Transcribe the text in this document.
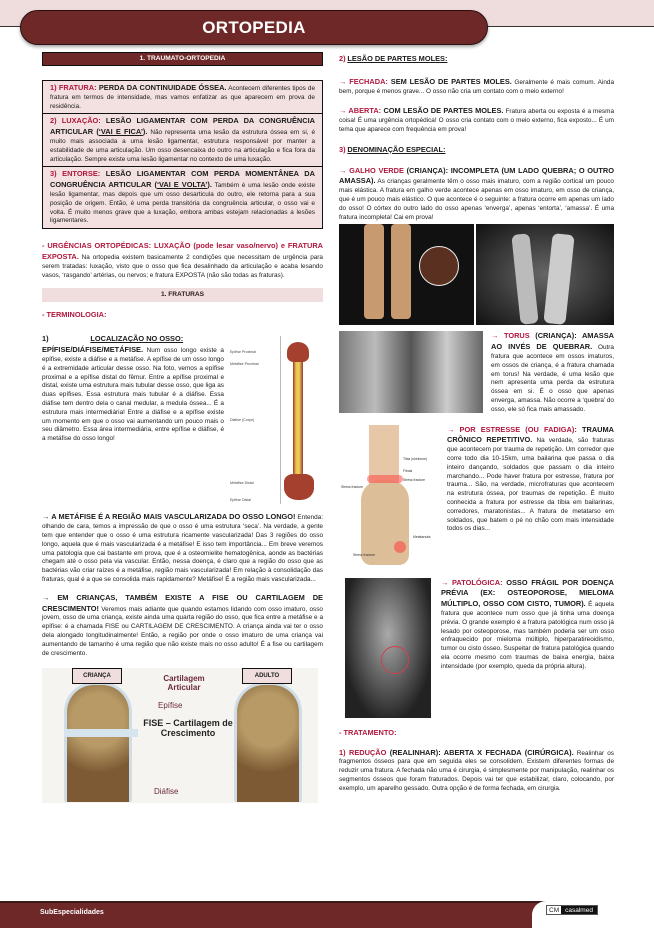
ORTOPEDIA
1. TRAUMATO-ORTOPEDIA
1) FRATURA: PERDA DA CONTINUIDADE ÓSSEA. Acontecem diferentes tipos de fratura em termos de intensidade, mas vamos enfatizar as que aparecem em prova de residência.
2) LUXAÇÃO: LESÃO LIGAMENTAR COM PERDA DA CONGRUÊNCIA ARTICULAR (‘VAI E FICA’). Não representa uma lesão da estrutura óssea em si, é muito mais associada a uma lesão ligamentar, estrutura responsável por manter a estabilidade de uma articulação. Um osso desencaixa do outro na articulação e fica fora da articulação. Sempre existe uma lesão ligamentar no contexto de uma luxação.
3) ENTORSE: LESÃO LIGAMENTAR COM PERDA MOMENTÂNEA DA CONGRUÊNCIA ARTICULAR (‘VAI E VOLTA’). Também é uma lesão onde existe lesão ligamentar, mas depois que um osso desarticula do outro, ele retorna para a sua posição de origem. Então, é uma perda transitória da congruência articular, o osso vai e volta. É muito menos grave que a luxação, embora ambas estejam relacionadas a lesões ligamentares.

- URGÊNCIAS ORTOPÉDICAS: LUXAÇÃO (pode lesar vaso/nervo) e FRATURA EXPOSTA. Na ortopedia existem basicamente 2 condições que necessitam de urgência para serem tratadas: luxação, visto que o osso que fica desalinhado da articulação e acaba lesando vasos, ‘rasgando’ artérias, ou nervos; e fratura EXPOSTA (não são todas as fraturas).

1. FRATURAS

- TERMINOLOGIA:

Epífise Proximal
Metáfise Proximal
Diáfise (Corpo)
Metáfise Distal
Epífise Distal

1)	LOCALIZAÇÃO NO OSSO:
EPÍFISE/DIÁFISE/METÁFISE. Num osso longo existe a epífise, existe a diáfise e a metáfise. A epífise de um osso longo é a extremidade articular desse osso. Na foto, vemos a epífise proximal e a epífise distal do fêmur. Entre a epífise proximal e distal, existe uma estrutura mais tubular desse osso, que liga as duas epífises. Essa estrutura mais tubular é a diáfise. Essa diáfise tem dentro dela o canal medular, a medula óssea... É a estrutura mais intermediária! Entre a diáfise e a epífise existe um momento em que o osso vai aumentando um pouco mais o seu diâmetro. Essa área intermediária, entre epífise e diáfise, é a metáfise do osso longo!

→ A METÁFISE É A REGIÃO MAIS VASCULARIZADA DO OSSO LONGO! Entenda: olhando de cara, temos a impressão de que o osso é uma estrutura ‘seca’. Na verdade, a gente tem que entender que o osso é uma estrutura ricamente vascularizada! Das 3 regiões do osso longo, aquela que é mais vascularizada é a metáfise! E isso tem importância... Em breve veremos uma patologia que cai bastante em prova, que é a osteomielite hematogênica, aonde as bactérias chegam até o osso pela via vascular. Então, nessa doença, é claro que a região do osso que as bactérias vão criar raízes é a metáfise, região mais vascularizada! Em relação à consolidação das fraturas, qual é a que se consolida mais rapidamente? Metáfise! É a região mais vascularizada...

→ EM CRIANÇAS, TAMBÉM EXISTE A FISE OU CARTILAGEM DE CRESCIMENTO! Veremos mais adiante que quando estamos lidando com osso imaturo, osso jovem, osso de uma criança, existe ainda uma quarta região do osso, que fica entre a metáfise e a epífise: é a chamada FISE ou CARTILAGEM DE CRESCIMENTO. A criança ainda vai ter o osso dela alongado longitudinalmente! Então, a região por onde o osso imaturo de uma criança vai aumentando de tamanho é uma região que não existe mais no osso adulto! É a fise ou cartilagem de crescimento.

CRIANÇA	ADULTO
Cartilagem Articular
Epífise
FISE – Cartilagem de Crescimento
Diáfise

2) LESÃO DE PARTES MOLES:

→ FECHADA: SEM LESÃO DE PARTES MOLES. Geralmente é mais comum. Ainda bem, porque é menos grave... O osso não cria um contato com o meio externo!

→ ABERTA: COM LESÃO DE PARTES MOLES. Fratura aberta ou exposta é a mesma coisa! É uma urgência ortopédica! O osso cria contato com o meio externo, fica exposto... É um tema que aparece com frequência em prova!

3) DENOMINAÇÃO ESPECIAL:

→ GALHO VERDE (CRIANÇA): INCOMPLETA (UM LADO QUEBRA; O OUTRO AMASSA). As crianças geralmente têm o osso mais imaturo, com a região cortical um pouco mais elástica. A fratura em galho verde acontece apenas em osso imaturo, em osso de criança, que é um pouco mais elástico. O que acontece é o seguinte: a fratura ocorre em apenas um lado do osso! O córtex do outro lado do osso apenas ‘enverga’, apenas ‘entorta’, ‘amassa’. É uma fratura incompleta! Cai em prova!

→ TORUS (CRIANÇA): AMASSA AO INVÉS DE QUEBRAR. Outra fratura que acontece em ossos imaturos, em ossos de criança, é a fratura chamada em torus! Na verdade, é uma lesão que nem apresenta uma perda da estrutura óssea em si. É o osso que apenas enverga, amassa. Não ocorre a ‘quebra’ do osso, ele só fica mais amassado.

Tibia (shinbone)
Fibula
Stress fracture
Stress fracture
Metatarsals
Stress fracture

→ POR ESTRESSE (OU FADIGA): TRAUMA CRÔNICO REPETITIVO. Na verdade, são fraturas que acontecem por trauma de repetição. Um corredor que corre todo dia 10-15km, uma bailarina que passa o dia inteiro dançando, soldados que passam o dia inteiro marchando... Pode haver fratura por estresse, fratura por trauma... São, na verdade, microfraturas que acontecem na estrutura óssea, por traumas de repetição. É muito conhecida a fratura por estresse da tíbia em bailarinas, corredores, maratonistas... A fratura de metatarso em soldados, que batem o pé no chão com mais intensidade todos os dias...

→ PATOLÓGICA: OSSO FRÁGIL POR DOENÇA PRÉVIA (EX: OSTEOPOROSE, MIELOMA MÚLTIPLO, OSSO COM CISTO, TUMOR). É aquela fratura que acontece num osso que já tinha uma doença prévia. O grande exemplo é a fratura patológica num osso já lesado por osteoporose, mas também poderia ser um osso enfraquecido por mieloma múltiplo, hiperparatireoidismo, tumor ou cisto ósseo. Suspeitar de fratura patológica quando ela ocorre mesmo com traumas de baixa energia, baixa intensidade (por exemplo, queda da própria altura).

- TRATAMENTO:

1) REDUÇÃO (REALINHAR): ABERTA X FECHADA (CIRÚRGICA). Realinhar os fragmentos ósseos para que em seguida eles se consolidem. Existem diferentes formas de reduzir uma fratura. A fechada não uma é cirurgia, é simplesmente por manipulação, realinhar os segmentos ósseos que foram fraturados. Depois vai ter que estabilizar, claro, colocando, por exemplo, um aparelho gessado. Outra opção é de forma fechada, em cirurgia.

SubEspecialidades	CM casalmed
